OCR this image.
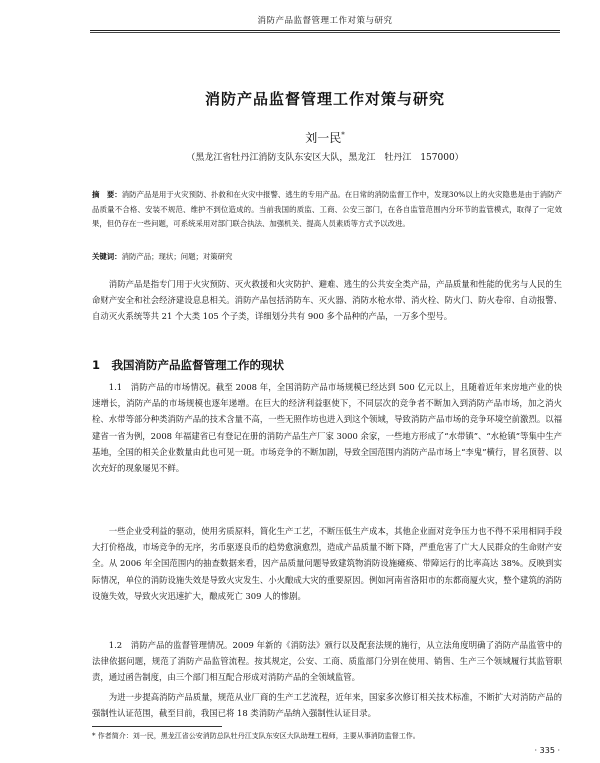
消防产品监督管理工作对策与研究
消防产品监督管理工作对策与研究
刘一民*
（黑龙江省牡丹江消防支队东安区大队，黑龙江　牡丹江　157000）
摘　要：消防产品是用于火灾预防、扑救和在火灾中报警、逃生的专用产品。在日常的消防监督工作中，发现30%以上的火灾隐患是由于消防产品质量不合格、安装不规范、维护不到位造成的。当前我国的质监、工商、公安三部门，在各自监管范围内分环节的监管模式，取得了一定效果，但仍存在一些问题，可系统采用对部门联合执法、加强机关、提高人员素质等方式予以改进。
关键词：消防产品；现状；问题；对策研究

消防产品是指专门用于火灾预防、灭火救援和火灾防护、避难、逃生的公共安全类产品，产品质量和性能的优劣与人民的生命财产安全和社会经济建设息息相关。消防产品包括消防车、灭火器、消防水枪水带、消火栓、防火门、防火卷帘、自动报警、自动灭火系统等共 21 个大类 105 个子类，详细划分共有 900 多个品种的产品，一万多个型号。

1　我国消防产品监督管理工作的现状

1.1　消防产品的市场情况。截至 2008 年，全国消防产品市场规模已经达到 500 亿元以上，且随着近年来房地产业的快速增长，消防产品的市场规模也逐年递增。在巨大的经济利益驱使下，不同层次的竞争者不断加入到消防产品市场，加之消火栓、水带等部分种类消防产品的技术含量不高，一些无照作坊也进入到这个领域，导致消防产品市场的竞争环境空前激烈。以福建省一省为例，2008 年福建省已有登记在册的消防产品生产厂家 3000 余家，一些地方形成了“水带镇”、“水枪镇”等集中生产基地，全国的相关企业数量由此也可见一斑。市场竞争的不断加剧，导致全国范围内消防产品市场上“李鬼”横行，冒名顶替、以次充好的现象屡见不鲜。

一些企业受利益的驱动，使用劣质原料，简化生产工艺，不断压低生产成本，其他企业面对竞争压力也不得不采用相同手段大打价格战，市场竞争的无序，劣币驱逐良币的趋势愈演愈烈，造成产品质量不断下降，严重危害了广大人民群众的生命财产安全。从 2006 年全国范围内的抽查数据来看，因产品质量问题导致建筑物消防设施瘫痪、带障运行的比率高达 38%。反映到实际情况，单位的消防设施失效是导致火灾发生、小火酿成大灾的重要原因。例如河南省洛阳市的东都商厦火灾，整个建筑的消防设施失效，导致火灾迅速扩大，酿成死亡 309 人的惨剧。

1.2　消防产品的监督管理情况。2009 年新的《消防法》颁行以及配套法规的施行，从立法角度明确了消防产品监管中的法律依据问题，规范了消防产品监管流程。按其规定，公安、工商、质监部门分别在使用、销售、生产三个领域履行其监管职责，通过函告制度，由三个部门相互配合形成对消防产品的全领域监管。

为进一步提高消防产品质量，规范从业厂商的生产工艺流程，近年来，国家多次修订相关技术标准，不断扩大对消防产品的强制性认证范围，截至目前，我国已将 18 类消防产品纳入强制性认证目录。

* 作者简介：刘一民，黑龙江省公安消防总队牡丹江支队东安区大队助理工程师，主要从事消防监督工作。
· 335 ·
